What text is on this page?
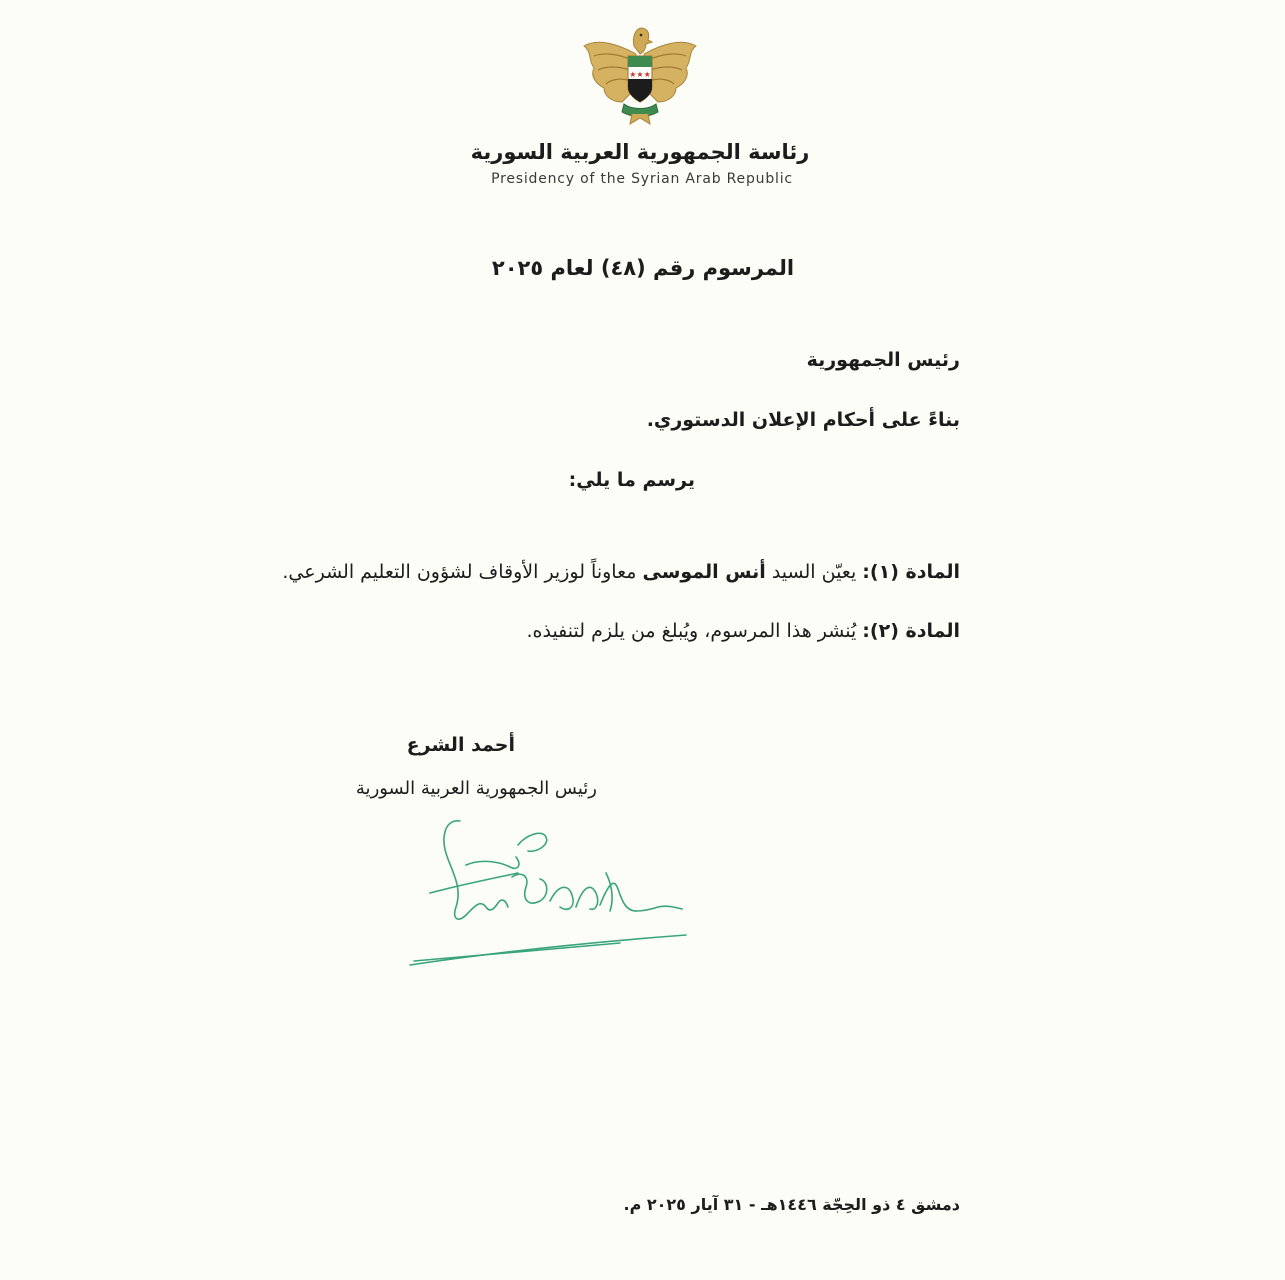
★★★
رئاسة الجمهورية العربية السورية
Presidency of the Syrian Arab Republic
المرسوم رقم (٤٨) لعام ٢٠٢٥
رئيس الجمهورية
بناءً على أحكام الإعلان الدستوري.
يرسم ما يلي:
المادة (١): يعيّن السيد أنس الموسى معاوناً لوزير الأوقاف لشؤون التعليم الشرعي.
المادة (٢): يُنشر هذا المرسوم، ويُبلغ من يلزم لتنفيذه.
أحمد الشرع
رئيس الجمهورية العربية السورية
دمشق ٤ ذو الحِجّة ١٤٤٦هـ - ٣١ آيار ٢٠٢٥ م.
